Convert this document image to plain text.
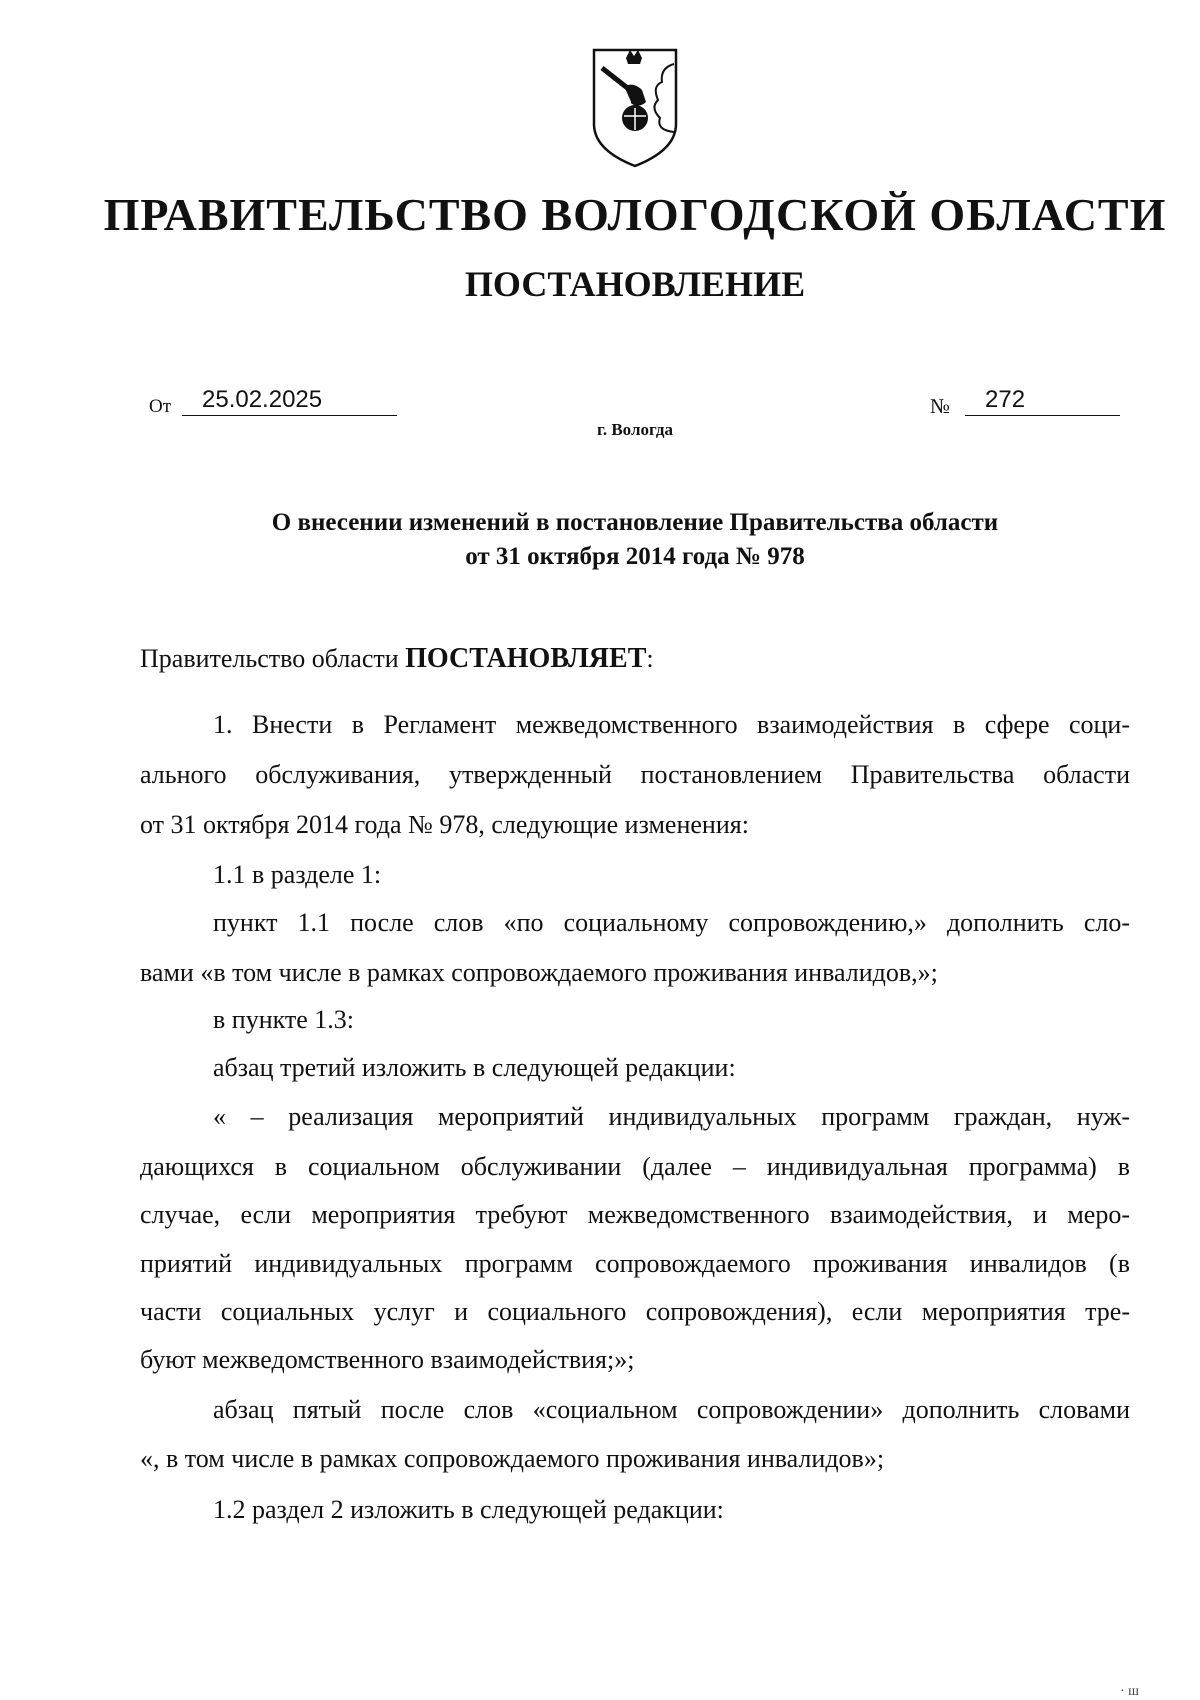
ПРАВИТЕЛЬСТВО ВОЛОГОДСКОЙ ОБЛАСТИ
ПОСТАНОВЛЕНИЕ
От	25.02.2025	№	272
г. Вологда
О внесении изменений в постановление Правительства области
от 31 октября 2014 года № 978
Правительство области ПОСТАНОВЛЯЕТ:
1. Внести в Регламент межведомственного взаимодействия в сфере соци-
ального обслуживания, утвержденный постановлением Правительства области
от 31 октября 2014 года № 978, следующие изменения:
1.1 в разделе 1:
пункт 1.1 после слов «по социальному сопровождению,» дополнить сло-
вами «в том числе в рамках сопровождаемого проживания инвалидов,»;
в пункте 1.3:
абзац третий изложить в следующей редакции:
« – реализация мероприятий индивидуальных программ граждан, нуж-
дающихся в социальном обслуживании (далее – индивидуальная программа) в
случае, если мероприятия требуют межведомственного взаимодействия, и меро-
приятий индивидуальных программ сопровождаемого проживания инвалидов (в
части социальных услуг и социального сопровождения), если мероприятия тре-
буют межведомственного взаимодействия;»;
абзац пятый после слов «социальном сопровождении» дополнить словами
«, в том числе в рамках сопровождаемого проживания инвалидов»;
1.2 раздел 2 изложить в следующей редакции:
· ш
